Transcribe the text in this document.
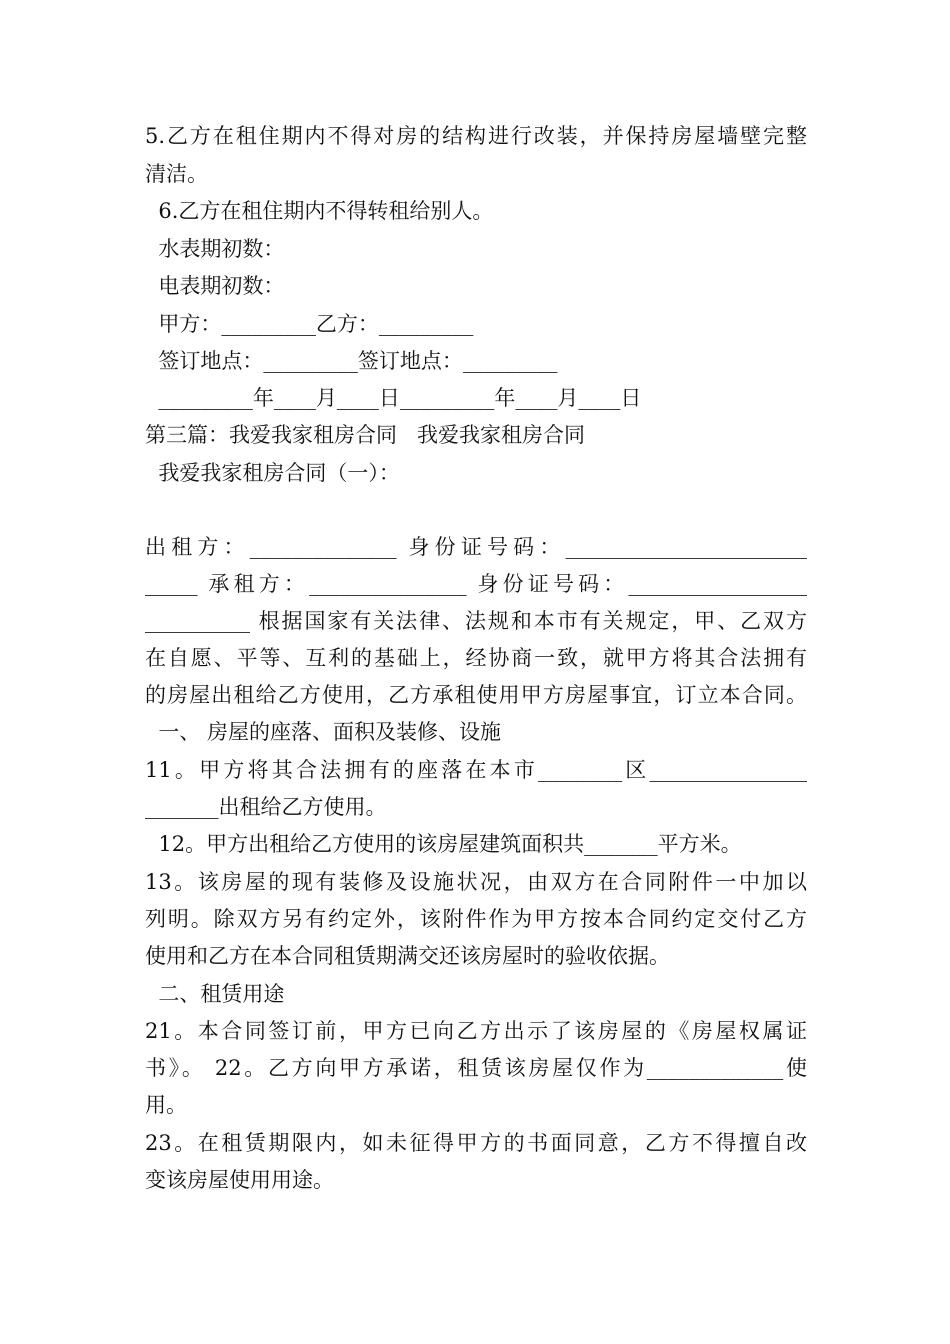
5.乙方在租住期内不得对房的结构进行改装，并保持房屋墙壁完整
清洁。
6.乙方在租住期内不得转租给别人。
水表期初数：
电表期初数：
甲方：_________乙方：_________
签订地点：_________签订地点：_________
_________年____月____日_________年____月____日
第三篇：我爱我家租房合同   我爱我家租房合同
我爱我家租房合同（一）：
出租方：______________ 身份证号码：_______________________
_____ 承租方：_______________ 身份证号码：_________________
__________ 根据国家有关法律、法规和本市有关规定，甲、乙双方
在自愿、平等、互利的基础上，经协商一致，就甲方将其合法拥有
的房屋出租给乙方使用，乙方承租使用甲方房屋事宜，订立本合同。
一、 房屋的座落、面积及装修、设施
11。甲方将其合法拥有的座落在本市________区_______________
_______出租给乙方使用。
12。甲方出租给乙方使用的该房屋建筑面积共_______平方米。
13。该房屋的现有装修及设施状况，由双方在合同附件一中加以
列明。除双方另有约定外，该附件作为甲方按本合同约定交付乙方
使用和乙方在本合同租赁期满交还该房屋时的验收依据。
二、租赁用途
21。本合同签订前，甲方已向乙方出示了该房屋的《房屋权属证
书》。 22。乙方向甲方承诺，租赁该房屋仅作为_____________使
用。
23。在租赁期限内，如未征得甲方的书面同意，乙方不得擅自改
变该房屋使用用途。
